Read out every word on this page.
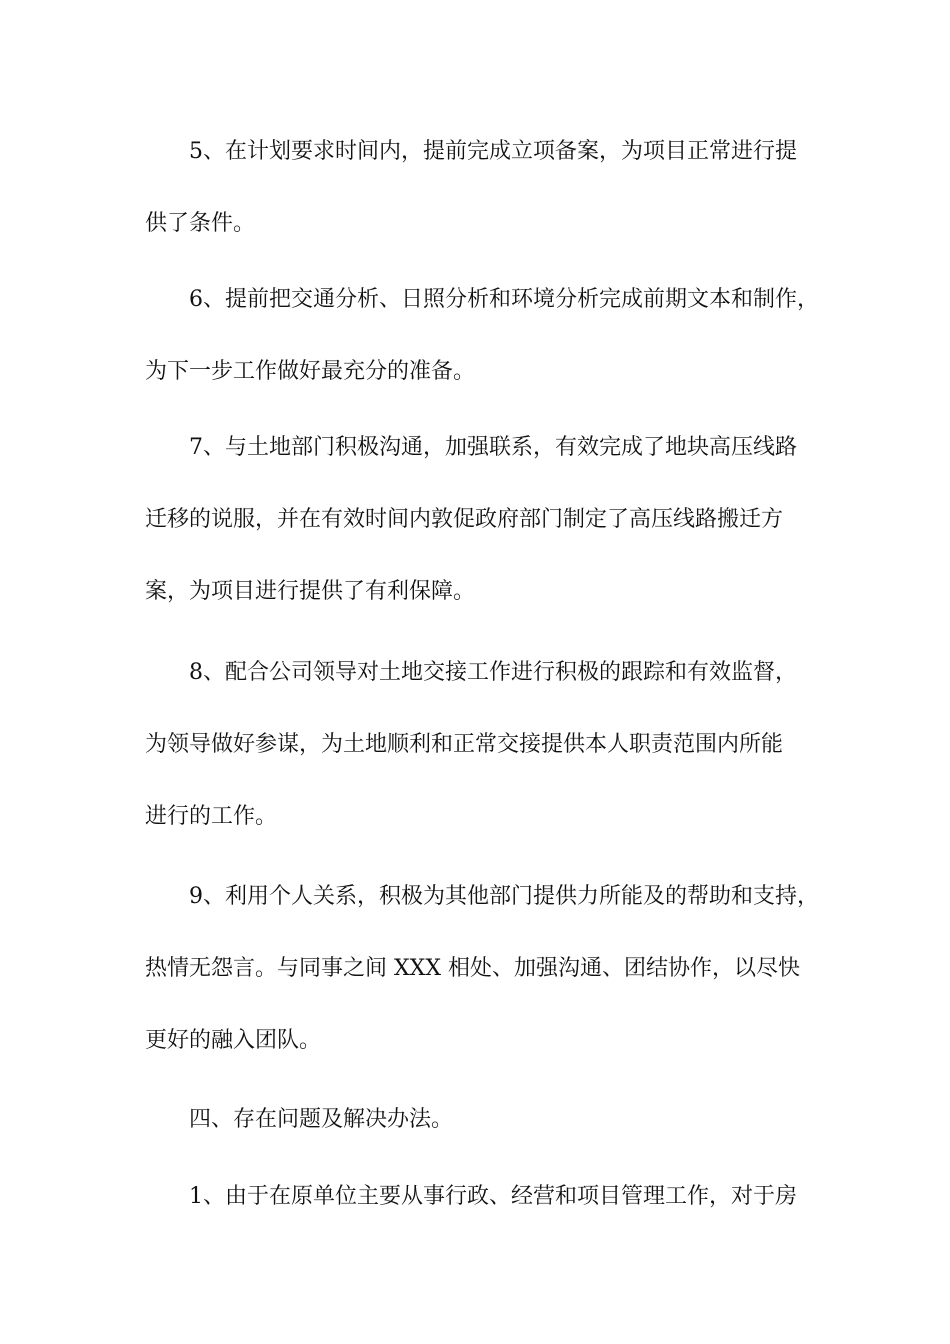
5、在计划要求时间内，提前完成立项备案，为项目正常进行提
供了条件。

6、提前把交通分析、日照分析和环境分析完成前期文本和制作，
为下一步工作做好最充分的准备。

7、与土地部门积极沟通，加强联系，有效完成了地块高压线路
迁移的说服，并在有效时间内敦促政府部门制定了高压线路搬迁方
案，为项目进行提供了有利保障。

8、配合公司领导对土地交接工作进行积极的跟踪和有效监督，
为领导做好参谋，为土地顺利和正常交接提供本人职责范围内所能
进行的工作。

9、利用个人关系，积极为其他部门提供力所能及的帮助和支持，
热情无怨言。与同事之间 XXX 相处、加强沟通、团结协作，以尽快
更好的融入团队。

四、存在问题及解决办法。

1、由于在原单位主要从事行政、经营和项目管理工作，对于房
